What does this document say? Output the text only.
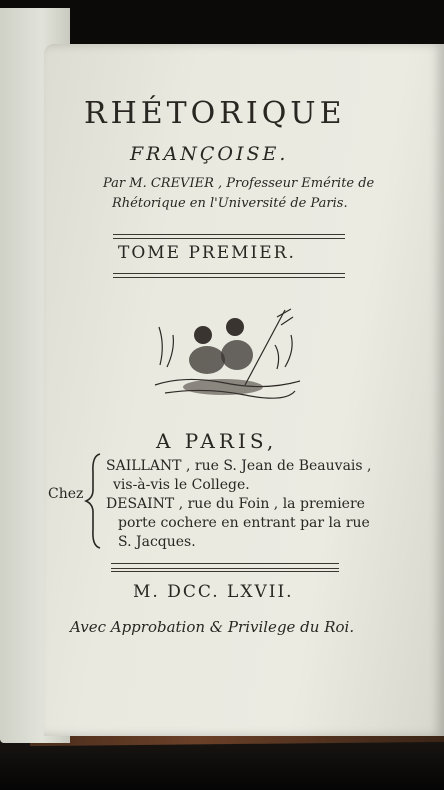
RHÉTORIQUE
FRANÇOISE.
Par M. CREVIER , Professeur Emérite de
Rhétorique en l'Université de Paris.
TOME PREMIER.
A PARIS,
Chez
SAILLANT , rue S. Jean de Beauvais ,
vis-à-vis le College.
DESAINT , rue du Foin , la premiere
porte cochere en entrant par la rue
S. Jacques.
M. DCC. LXVII.
Avec Approbation & Privilege du Roi.
